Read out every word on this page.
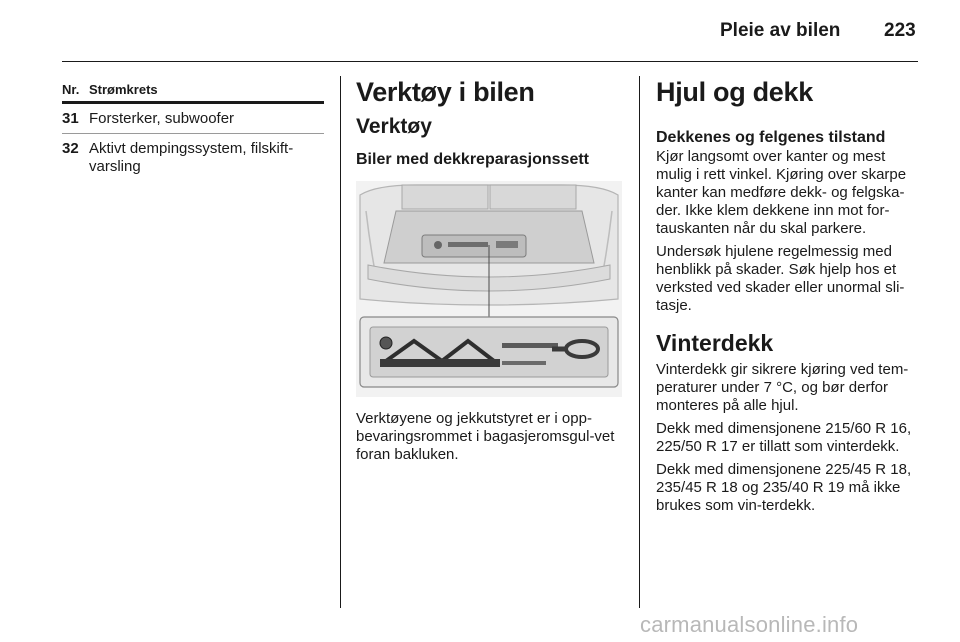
Pleie av bilen 223
Nr. Strømkrets
31 Forsterker, subwoofer
32 Aktivt dempingssystem, filskift-varsling
Verktøy i bilen
Verktøy
Biler med dekkreparasjonssett

Verktøyene og jekkutstyret er i opp-bevaringsrommet i bagasjeromsgul-vet foran bakluken.

Hjul og dekk
Dekkenes og felgenes tilstand

Kjør langsomt over kanter og mest mulig i rett vinkel. Kjøring over skarpe kanter kan medføre dekk- og felgska-der. Ikke klem dekkene inn mot for-tauskanten når du skal parkere.

Undersøk hjulene regelmessig med henblikk på skader. Søk hjelp hos et verksted ved skader eller unormal sli-tasje.

Vinterdekk

Vinterdekk gir sikrere kjøring ved tem-peraturer under 7 °C, og bør derfor monteres på alle hjul.

Dekk med dimensjonene 215/60 R 16, 225/50 R 17 er tillatt som vinterdekk.

Dekk med dimensjonene 225/45 R 18, 235/45 R 18 og 235/40 R 19 må ikke brukes som vin-terdekk.

carmanualsonline.info
